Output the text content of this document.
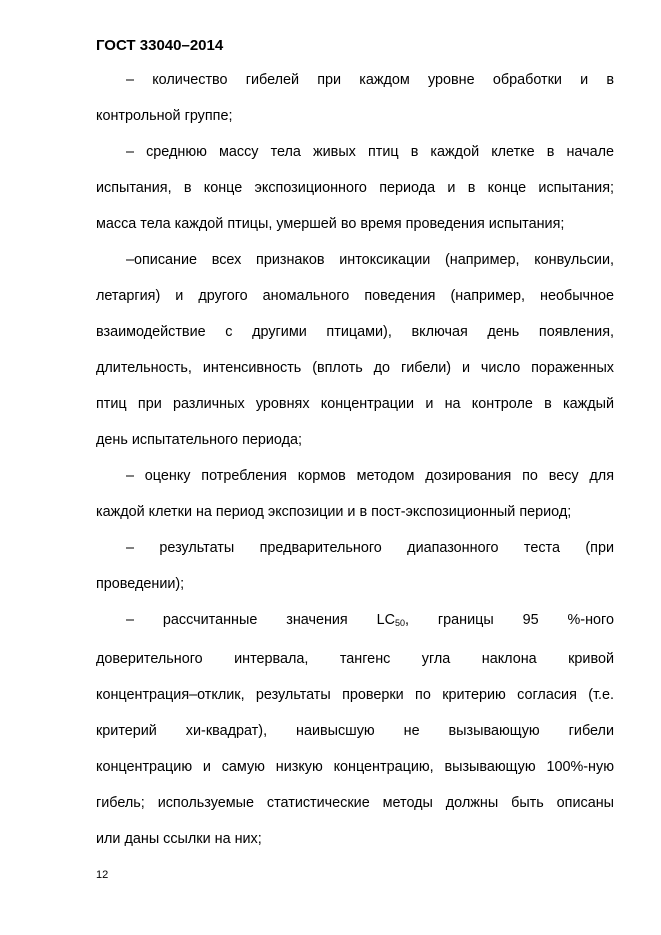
ГОСТ 33040–2014

– количество гибелей при каждом уровне обработки и в
контрольной группе;

– среднюю массу тела живых птиц в каждой клетке в начале
испытания, в конце экспозиционного периода и в конце испытания;
масса тела каждой птицы, умершей во время проведения испытания;

–описание всех признаков интоксикации (например, конвульсии,
летаргия) и другого аномального поведения (например, необычное
взаимодействие с другими птицами), включая день появления,
длительность, интенсивность (вплоть до гибели) и число пораженных
птиц при различных уровнях концентрации и на контроле в каждый
день испытательного периода;

– оценку потребления кормов методом дозирования по весу для
каждой клетки на период экспозиции и в пост-экспозиционный период;

– результаты предварительного диапазонного теста (при
проведении);

– рассчитанные значения $LC_{50}$, границы 95 %-ного
доверительного интервала, тангенс угла наклона кривой
концентрация–отклик, результаты проверки по критерию согласия (т.е.
критерий хи-квадрат), наивысшую не вызывающую гибели
концентрацию и самую низкую концентрацию, вызывающую 100%-ную
гибель; используемые статистические методы должны быть описаны
или даны ссылки на них;

12
